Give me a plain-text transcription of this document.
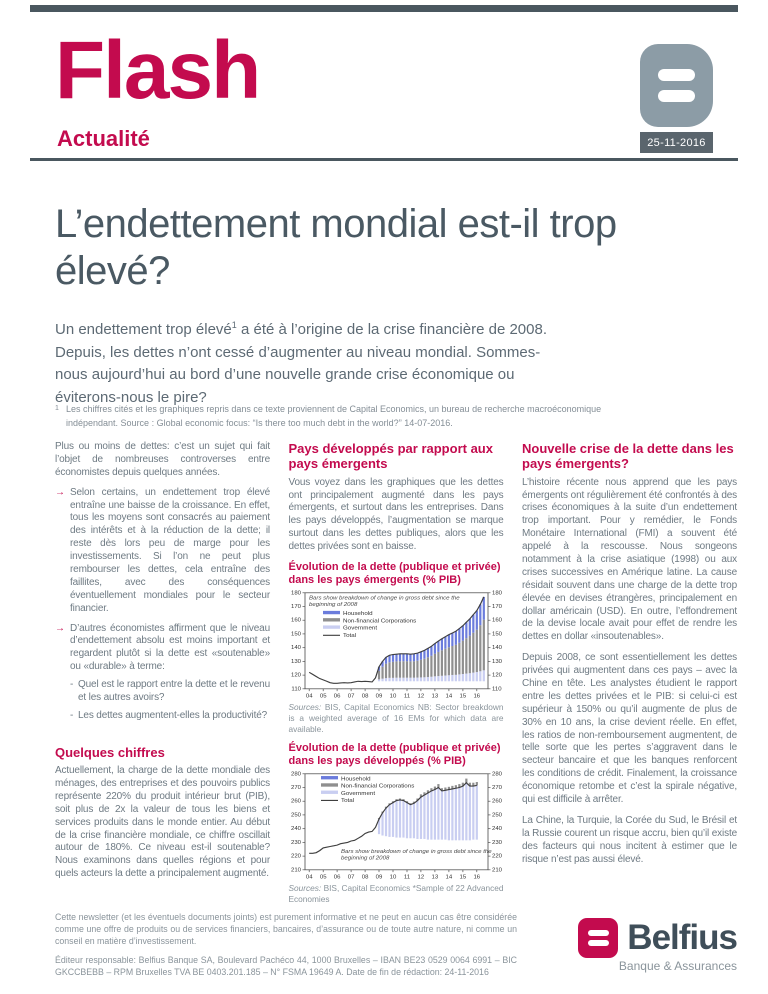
Flash
Actualité	25-11-2016
L’endettement mondial est-il trop élevé?

Un endettement trop élevé$^1$ a été à l’origine de la crise financière de 2008. Depuis, les dettes n’ont cessé d’augmenter au niveau mondial. Sommes-nous aujourd’hui au bord d’une nouvelle grande crise économique ou éviterons-nous le pire?

1 Les chiffres cités et les graphiques repris dans ce texte proviennent de Capital Economics, un bureau de recherche macroéconomique indépendant. Source : Global economic focus: “Is there too much debt in the world?” 14-07-2016.

Plus ou moins de dettes: c’est un sujet qui fait l’objet de nombreuses controverses entre économistes depuis quelques années.

→ Selon certains, un endettement trop élevé entraîne une baisse de la croissance. En effet, tous les moyens sont consacrés au paiement des intérêts et à la réduction de la dette; il reste dès lors peu de marge pour les investissements. Si l’on ne peut plus rembourser les dettes, cela entraîne des faillites, avec des conséquences éventuellement mondiales pour le secteur financier.
→ D’autres économistes affirment que le niveau d’endettement absolu est moins important et regardent plutôt si la dette est «soutenable» ou «durable» à terme:
- Quel est le rapport entre la dette et le revenu et les autres avoirs?
- Les dettes augmentent-elles la productivité?
Quelques chiffres

Actuellement, la charge de la dette mondiale des ménages, des entreprises et des pouvoirs publics représente 220% du produit intérieur brut (PIB), soit plus de 2x la valeur de tous les biens et services produits dans le monde entier. Au début de la crise financière mondiale, ce chiffre oscillait autour de 180%. Ce niveau est-il soutenable? Nous examinons dans quelles régions et pour quels acteurs la dette a principalement augmenté.

Pays développés par rapport aux pays émergents

Vous voyez dans les graphiques que les dettes ont principalement augmenté dans les pays émergents, et surtout dans les entreprises. Dans les pays développés, l’augmentation se marque surtout dans les dettes publiques, alors que les dettes privées sont en baisse.

Évolution de la dette (publique et privée) dans les pays émergents (% PIB)
110	110
120	120
130	130
140	140
150	150
160	160
170	170
180	180
04 05 06 07 08 09 10 11 12 13 14 15 16
Bars show breakdown of change in gross debt since the
beginning of 2008
Household
Non-financial Corporations
Government
Total

Sources: BIS, Capital Economics NB: Sector breakdown is a weighted average of 16 EMs for which data are available.

Évolution de la dette (publique et privée) dans les pays développés (% PIB)
210	210
220	220
230	230
240	240
250	250
260	260
270	270
280	280
04 05 06 07 08 09 10 11 12 13 14 15 16
Bars show breakdown of change in gross debt since the
beginning of 2008
Household
Non-financial Corporations
Government
Total

Sources: BIS, Capital Economics *Sample of 22 Advanced Economies

Nouvelle crise de la dette dans les pays émergents?

L’histoire récente nous apprend que les pays émergents ont régulièrement été confrontés à des crises économiques à la suite d’un endettement trop important. Pour y remédier, le Fonds Monétaire International (FMI) a souvent été appelé à la rescousse. Nous songeons notamment à la crise asiatique (1998) ou aux crises successives en Amérique latine. La cause résidait souvent dans une charge de la dette trop élevée en devises étrangères, principalement en dollar américain (USD). En outre, l’effondrement de la devise locale avait pour effet de rendre les dettes en dollar «insoutenables».

Depuis 2008, ce sont essentiellement les dettes privées qui augmentent dans ces pays – avec la Chine en tête. Les analystes étudient le rapport entre les dettes privées et le PIB: si celui-ci est supérieur à 150% ou qu’il augmente de plus de 30% en 10 ans, la crise devient réelle. En effet, les ratios de non-remboursement augmentent, de telle sorte que les pertes s’aggravent dans le secteur bancaire et que les banques renforcent les conditions de crédit. Finalement, la croissance économique retombe et c’est la spirale négative, qui est difficile à arrêter.

La Chine, la Turquie, la Corée du Sud, le Brésil et la Russie courent un risque accru, bien qu’il existe des facteurs qui nous incitent à estimer que le risque n’est pas aussi élevé.

Cette newsletter (et les éventuels documents joints) est purement informative et ne peut en aucun cas être considérée comme une offre de produits ou de services financiers, bancaires, d’assurance ou de toute autre nature, ni comme un conseil en matière d’investissement.

Éditeur responsable: Belfius Banque SA, Boulevard Pachéco 44, 1000 Bruxelles – IBAN BE23 0529 0064 6991 – BIC GKCCBEBB – RPM Bruxelles TVA BE 0403.201.185 – N° FSMA 19649 A. Date de fin de rédaction: 24-11-2016

Belfius
Banque & Assurances
